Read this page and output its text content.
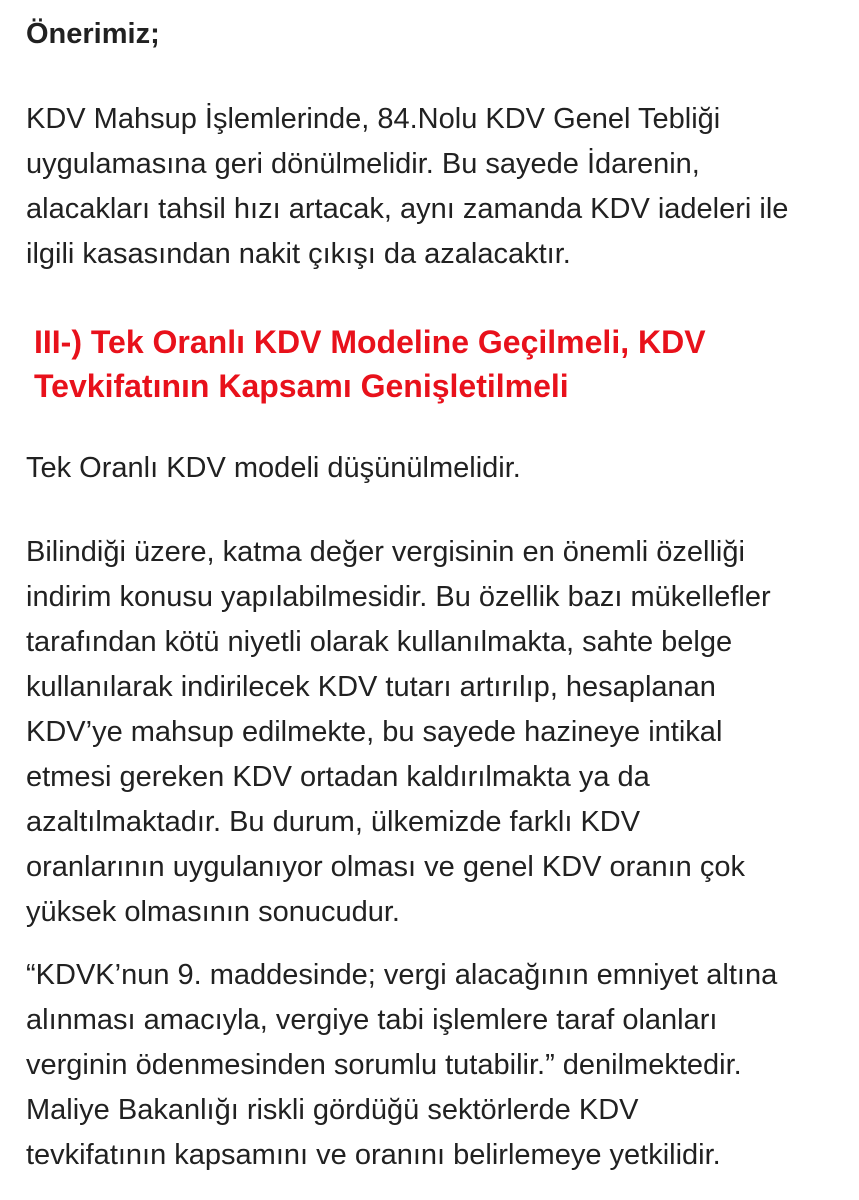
Önerimiz;

KDV Mahsup İşlemlerinde, 84.Nolu KDV Genel Tebliği
uygulamasına geri dönülmelidir. Bu sayede İdarenin,
alacakları tahsil hızı artacak, aynı zamanda KDV iadeleri ile
ilgili kasasından nakit çıkışı da azalacaktır.

III-) Tek Oranlı KDV Modeline Geçilmeli, KDV
Tevkifatının Kapsamı Genişletilmeli

Tek Oranlı KDV modeli düşünülmelidir.

Bilindiği üzere, katma değer vergisinin en önemli özelliği
indirim konusu yapılabilmesidir. Bu özellik bazı mükellefler
tarafından kötü niyetli olarak kullanılmakta, sahte belge
kullanılarak indirilecek KDV tutarı artırılıp, hesaplanan
KDV’ye mahsup edilmekte, bu sayede hazineye intikal
etmesi gereken KDV ortadan kaldırılmakta ya da
azaltılmaktadır. Bu durum, ülkemizde farklı KDV
oranlarının uygulanıyor olması ve genel KDV oranın çok
yüksek olmasının sonucudur.

“KDVK’nun 9. maddesinde; vergi alacağının emniyet altına
alınması amacıyla, vergiye tabi işlemlere taraf olanları
verginin ödenmesinden sorumlu tutabilir.” denilmektedir.
Maliye Bakanlığı riskli gördüğü sektörlerde KDV
tevkifatının kapsamını ve oranını belirlemeye yetkilidir.
